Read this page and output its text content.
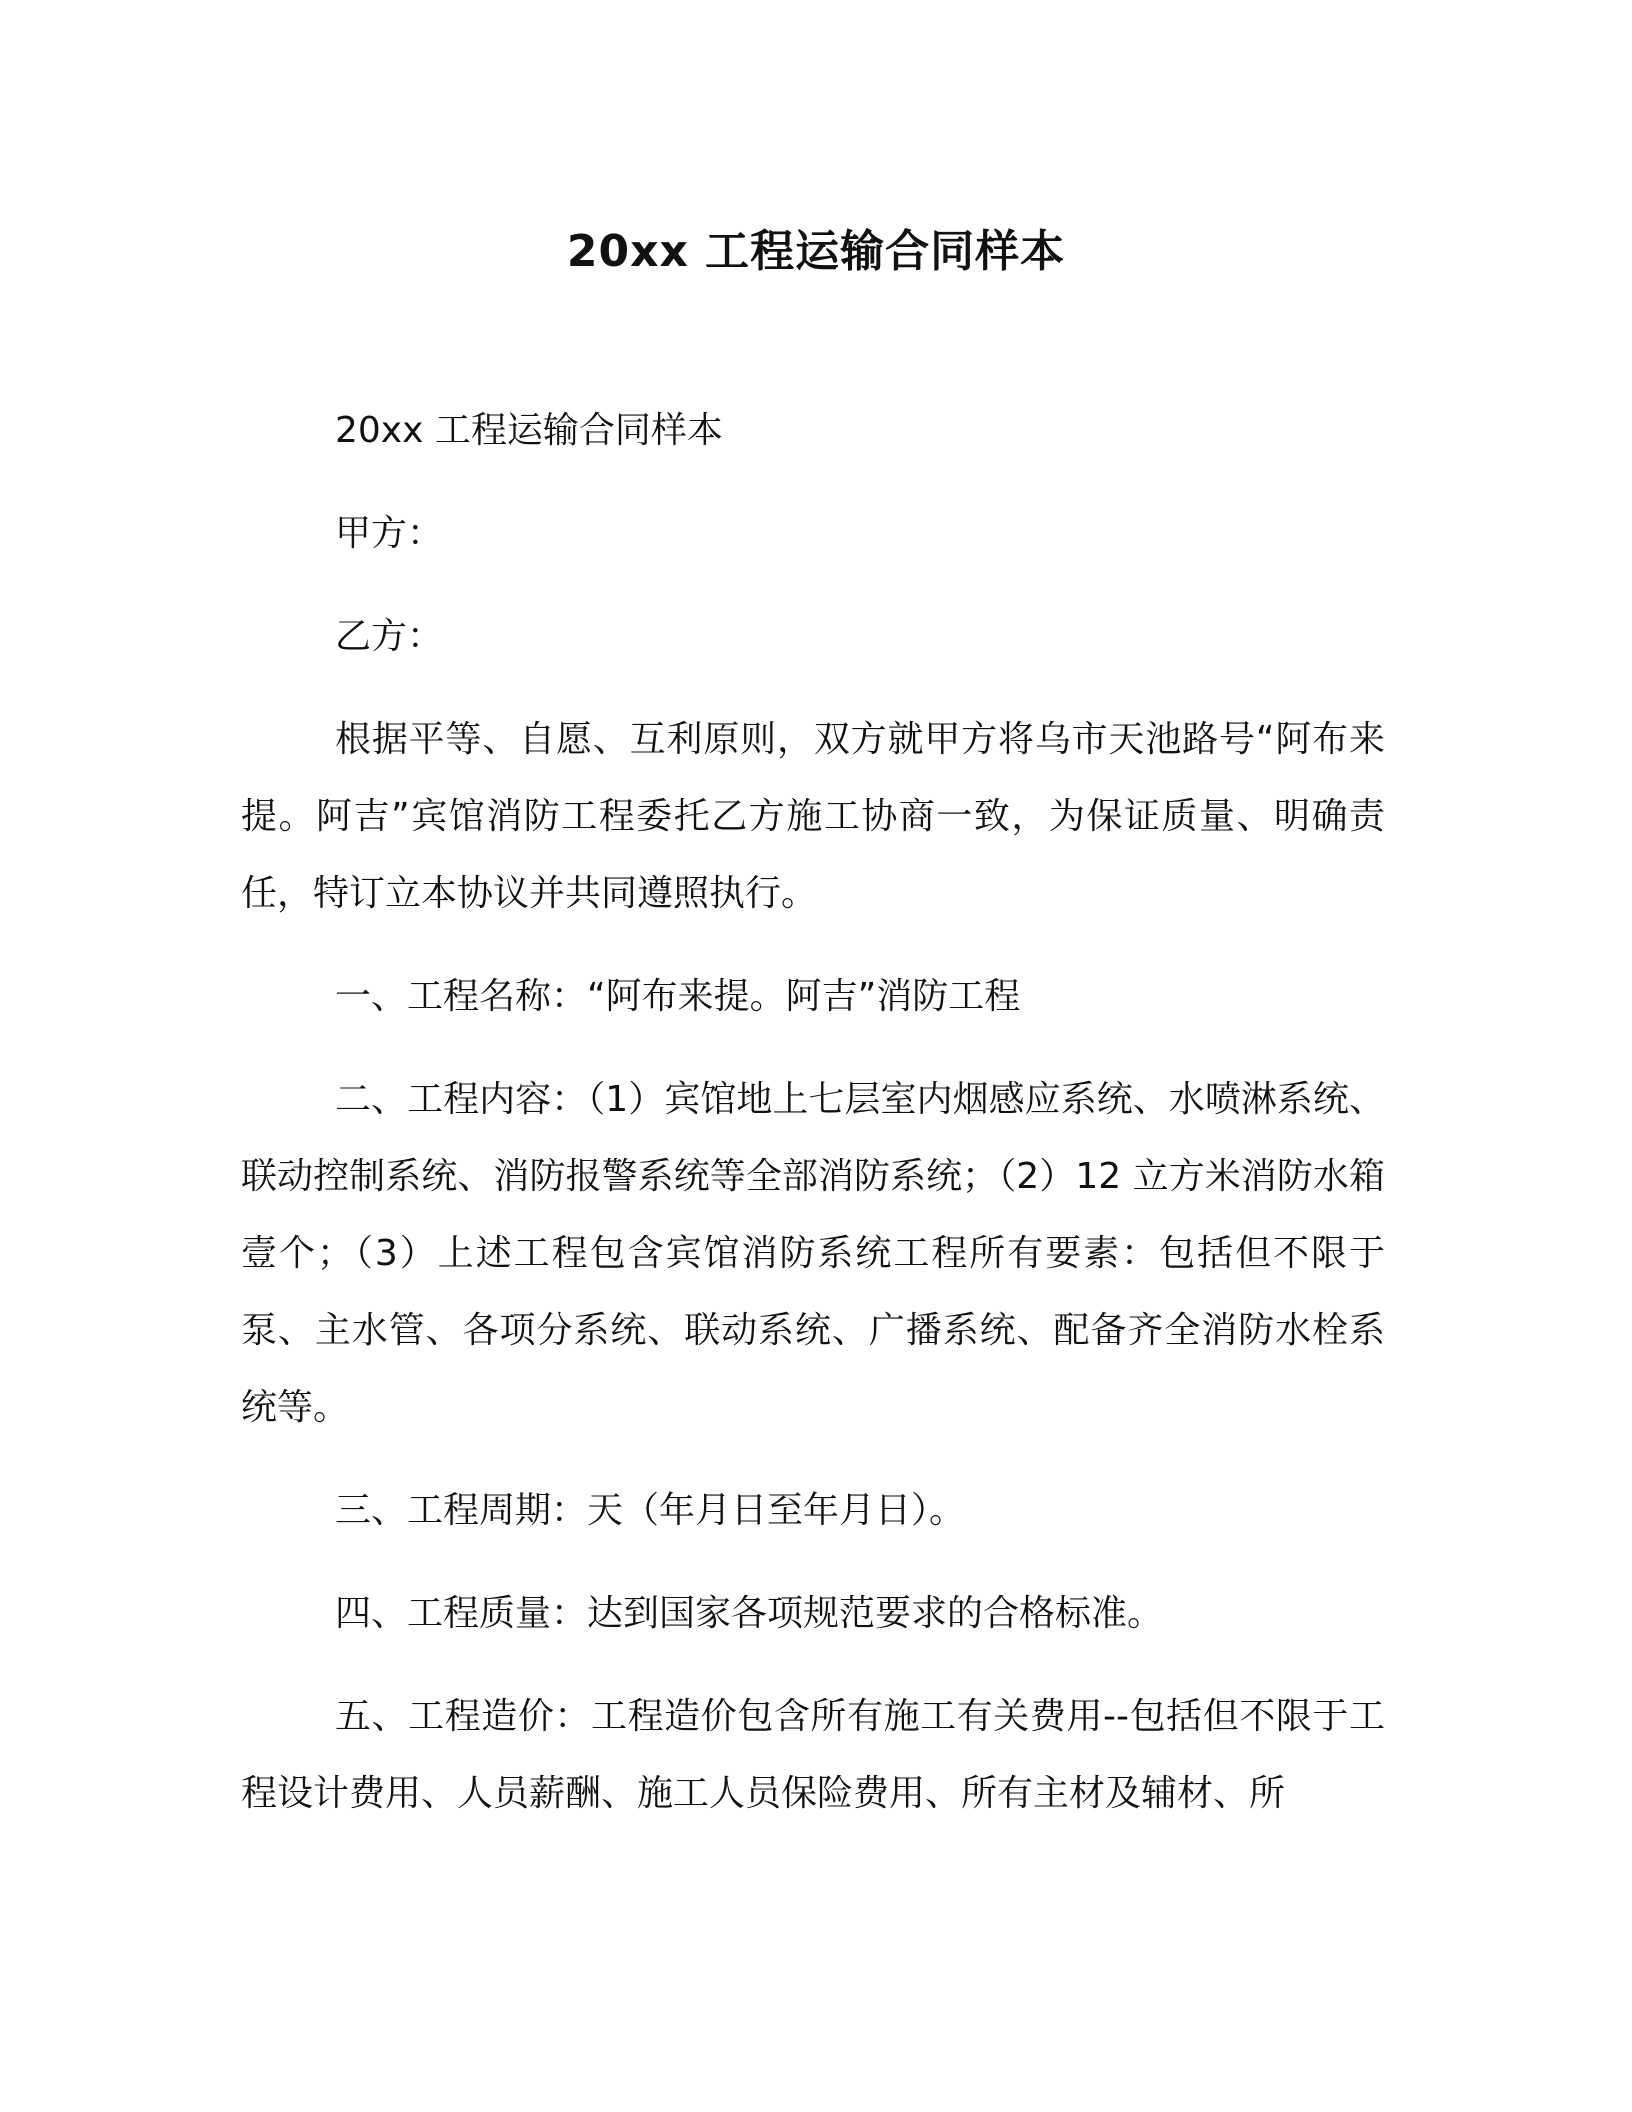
20xx 工程运输合同样本

20xx 工程运输合同样本

甲方：

乙方：

根据平等、自愿、互利原则，双方就甲方将乌市天池路号“阿布来提。阿吉”宾馆消防工程委托乙方施工协商一致，为保证质量、明确责任，特订立本协议并共同遵照执行。

一、工程名称：“阿布来提。阿吉”消防工程

二、工程内容：（1）宾馆地上七层室内烟感应系统、水喷淋系统、联动控制系统、消防报警系统等全部消防系统；（2）12 立方米消防水箱壹个；（3）上述工程包含宾馆消防系统工程所有要素：包括但不限于泵、主水管、各项分系统、联动系统、广播系统、配备齐全消防水栓系统等。

三、工程周期：天（年月日至年月日）。

四、工程质量：达到国家各项规范要求的合格标准。

五、工程造价：工程造价包含所有施工有关费用--包括但不限于工程设计费用、人员薪酬、施工人员保险费用、所有主材及辅材、所
